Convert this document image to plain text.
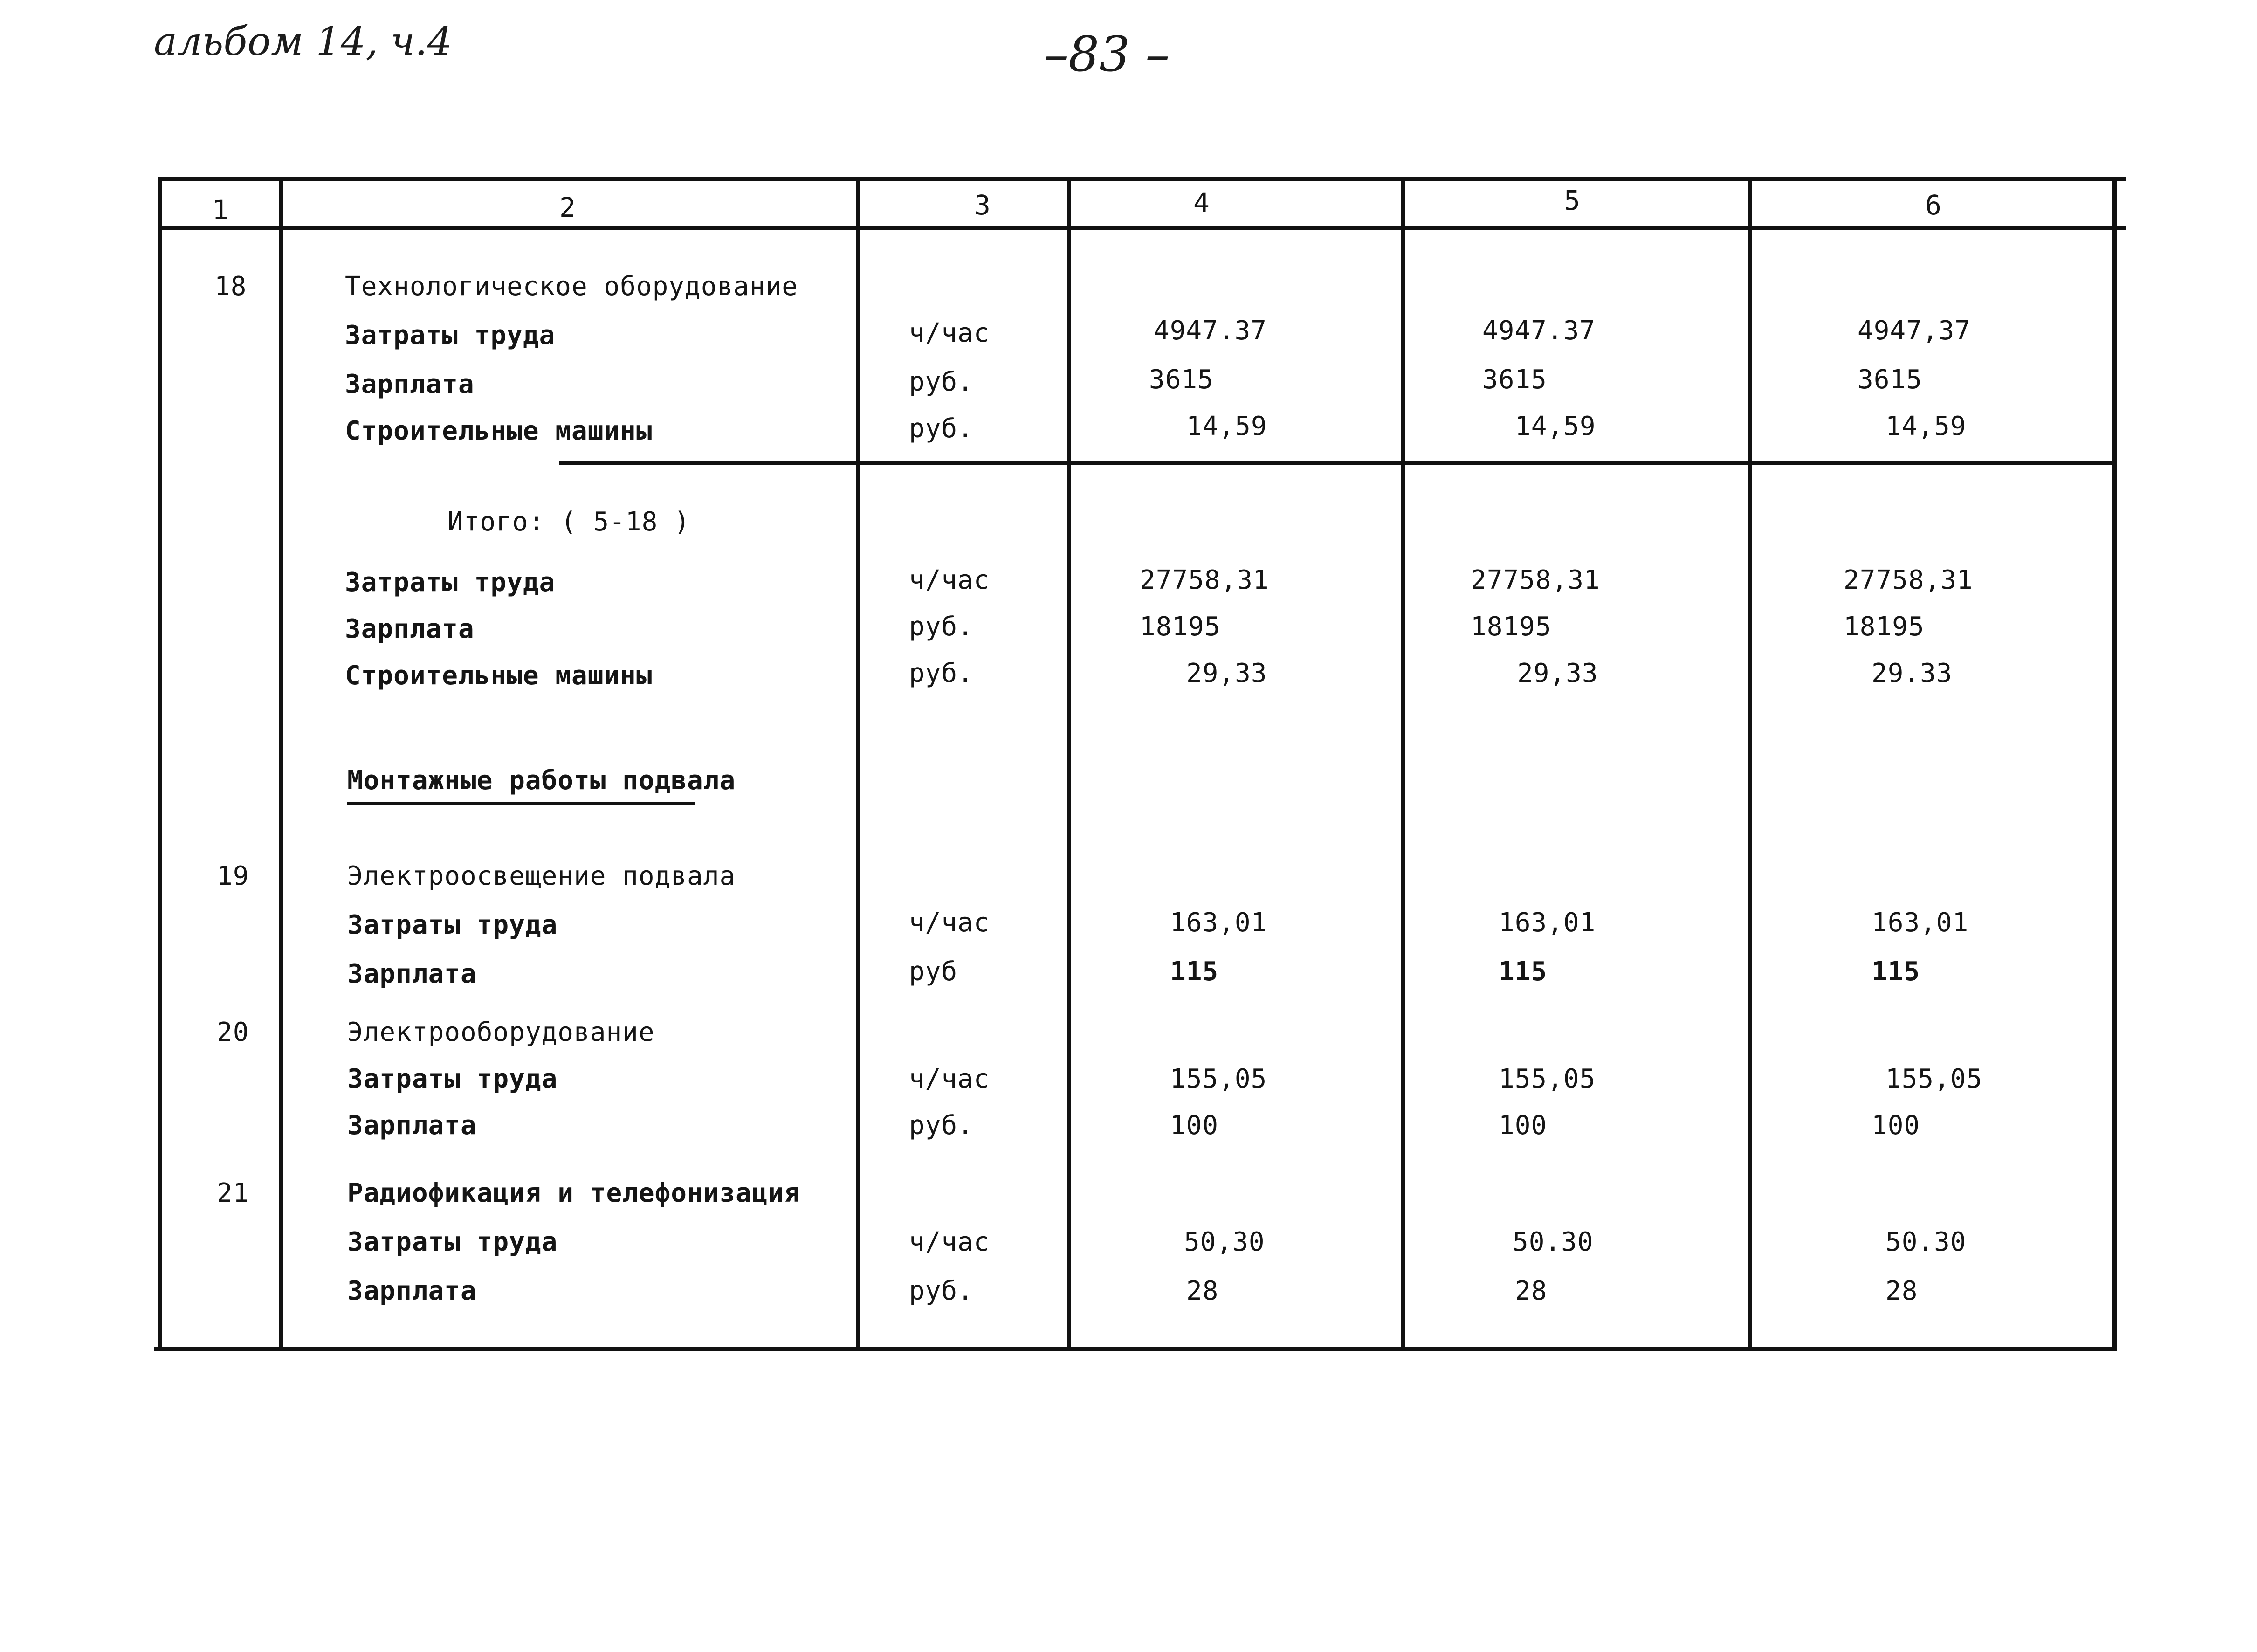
альбом 14, ч.4	–83 –
1	2	3	4	5	6
18	Технологическое оборудование
Затраты труда	ч/час	4947.37	4947.37	4947,37
Зарплата	руб.	3615	3615	3615
Строительные машины	руб.	14,59	14,59	14,59
Итого: ( 5-18 )
Затраты труда	ч/час	27758,31	27758,31	27758,31
Зарплата	руб.	18195	18195	18195
Строительные машины	руб.	29,33	29,33	29.33
Монтажные работы подвала
19	Электроосвещение подвала
Затраты труда	ч/час	163,01	163,01	163,01
Зарплата	руб	115	115	115
20	Электрооборудование
Затраты труда	ч/час	155,05	155,05	155,05
Зарплата	руб.	100	100	100
21	Радиофикация и телефонизация
Затраты труда	ч/час	50,30	50.30	50.30
Зарплата	руб.	28	28	28
